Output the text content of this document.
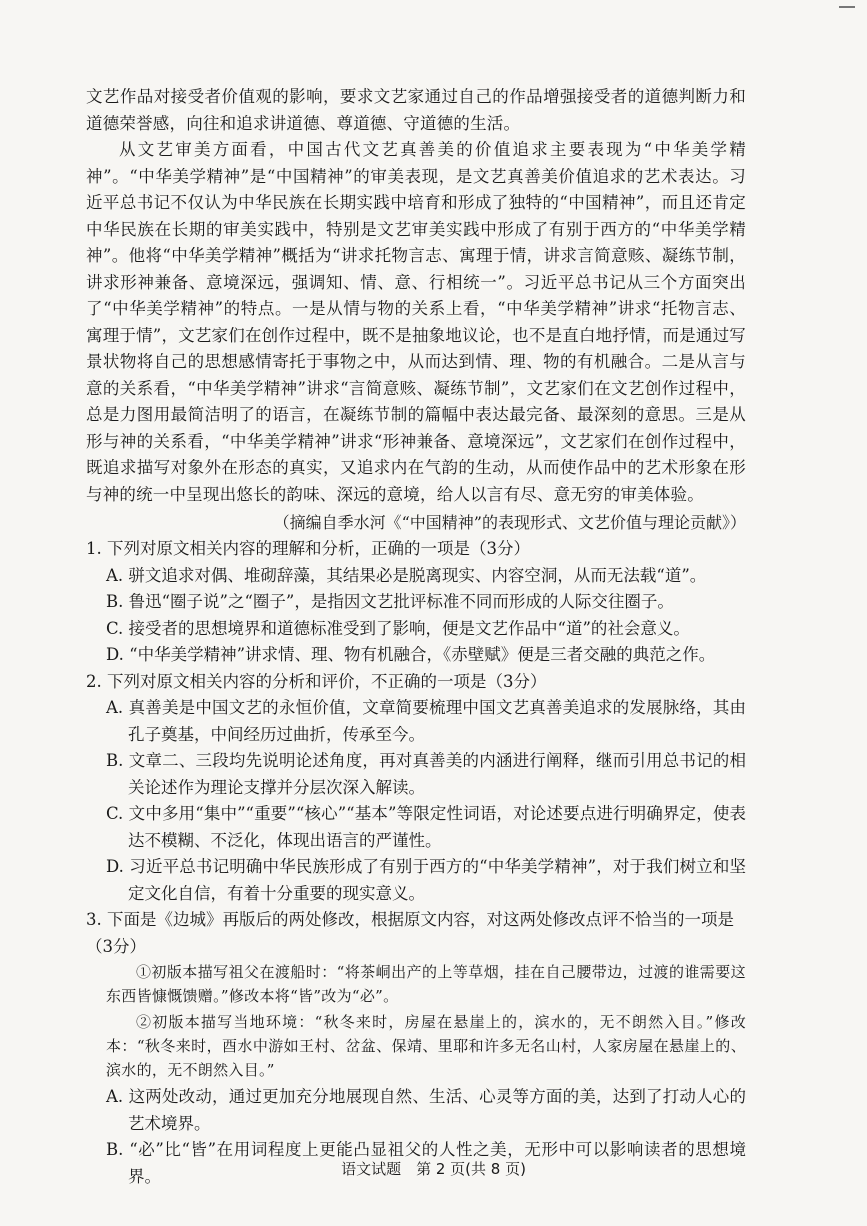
文艺作品对接受者价值观的影响，要求文艺家通过自己的作品增强接受者的道德判断力和道德荣誉感，向往和追求讲道德、尊道德、守道德的生活。

从文艺审美方面看，中国古代文艺真善美的价值追求主要表现为“中华美学精神”。“中华美学精神”是“中国精神”的审美表现，是文艺真善美价值追求的艺术表达。习近平总书记不仅认为中华民族在长期实践中培育和形成了独特的“中国精神”，而且还肯定中华民族在长期的审美实践中，特别是文艺审美实践中形成了有别于西方的“中华美学精神”。他将“中华美学精神”概括为“讲求托物言志、寓理于情，讲求言简意赅、凝练节制，讲求形神兼备、意境深远，强调知、情、意、行相统一”。习近平总书记从三个方面突出了“中华美学精神”的特点。一是从情与物的关系上看，“中华美学精神”讲求“托物言志、寓理于情”，文艺家们在创作过程中，既不是抽象地议论，也不是直白地抒情，而是通过写景状物将自己的思想感情寄托于事物之中，从而达到情、理、物的有机融合。二是从言与意的关系看，“中华美学精神”讲求“言简意赅、凝练节制”，文艺家们在文艺创作过程中，总是力图用最简洁明了的语言，在凝练节制的篇幅中表达最完备、最深刻的意思。三是从形与神的关系看，“中华美学精神”讲求“形神兼备、意境深远”，文艺家们在创作过程中，既追求描写对象外在形态的真实，又追求内在气韵的生动，从而使作品中的艺术形象在形与神的统一中呈现出悠长的韵味、深远的意境，给人以言有尽、意无穷的审美体验。

（摘编自季水河《“中国精神”的表现形式、文艺价值与理论贡献》）

1. 下列对原文相关内容的理解和分析，正确的一项是（3分）

A. 骈文追求对偶、堆砌辞藻，其结果必是脱离现实、内容空洞，从而无法载“道”。

B. 鲁迅“圈子说”之“圈子”，是指因文艺批评标准不同而形成的人际交往圈子。

C. 接受者的思想境界和道德标准受到了影响，便是文艺作品中“道”的社会意义。

D. “中华美学精神”讲求情、理、物有机融合，《赤壁赋》便是三者交融的典范之作。

2. 下列对原文相关内容的分析和评价，不正确的一项是（3分）

A. 真善美是中国文艺的永恒价值，文章简要梳理中国文艺真善美追求的发展脉络，其由孔子奠基，中间经历过曲折，传承至今。

B. 文章二、三段均先说明论述角度，再对真善美的内涵进行阐释，继而引用总书记的相关论述作为理论支撑并分层次深入解读。

C. 文中多用“集中”“重要”“核心”“基本”等限定性词语，对论述要点进行明确界定，使表达不模糊、不泛化，体现出语言的严谨性。

D. 习近平总书记明确中华民族形成了有别于西方的“中华美学精神”，对于我们树立和坚定文化自信，有着十分重要的现实意义。

3. 下面是《边城》再版后的两处修改，根据原文内容，对这两处修改点评不恰当的一项是（3分）

①初版本描写祖父在渡船时：“将茶峒出产的上等草烟，挂在自己腰带边，过渡的谁需要这东西皆慷慨馈赠。”修改本将“皆”改为“必”。

②初版本描写当地环境：“秋冬来时，房屋在悬崖上的，滨水的，无不朗然入目。”修改本：“秋冬来时，酉水中游如王村、岔盆、保靖、里耶和许多无名山村，人家房屋在悬崖上的、滨水的，无不朗然入目。”

A. 这两处改动，通过更加充分地展现自然、生活、心灵等方面的美，达到了打动人心的艺术境界。

B. “必”比“皆”在用词程度上更能凸显祖父的人性之美，无形中可以影响读者的思想境界。	语文试题　第 2 页(共 8 页)
